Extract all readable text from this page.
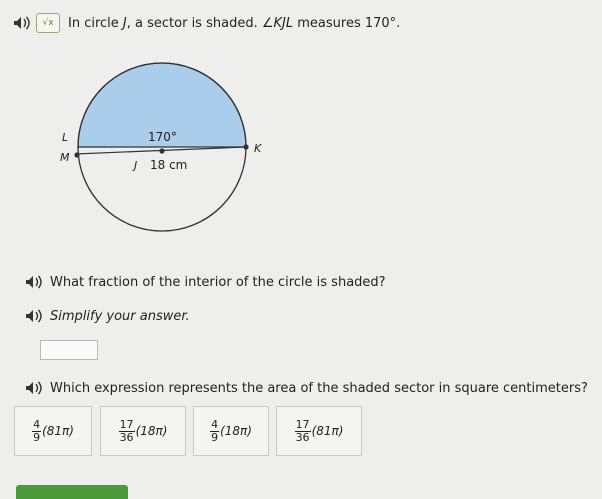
√x	In circle J, a sector is shaded. ∠KJL measures 170°.
L
M
K
170°
J 18 cm
What fraction of the interior of the circle is shaded?
Simplify your answer.
Which expression represents the area of the shaded sector in square centimeters?
$\frac{4}{9} (81\pi)$	$\frac{17}{36} (18\pi)$	$\frac{4}{9} (18\pi)$	$\frac{17}{36} (81\pi)$
